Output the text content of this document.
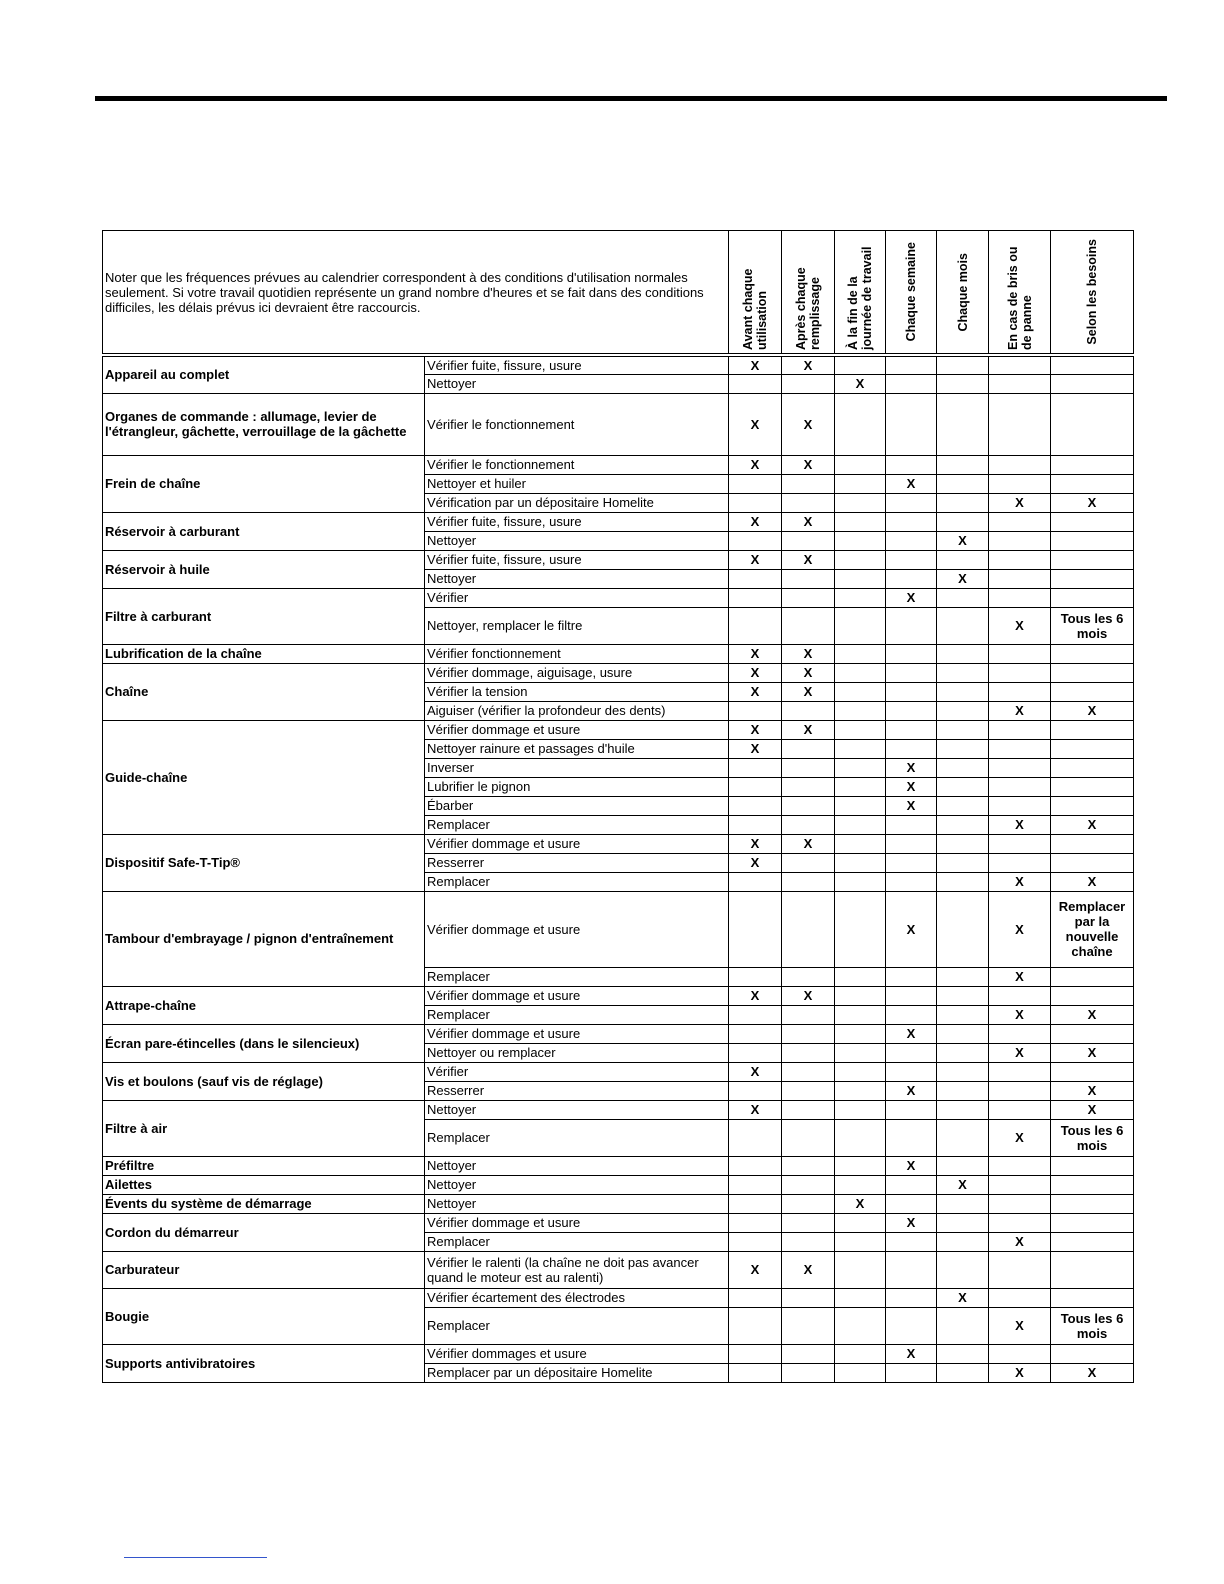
Noter que les fréquences prévues au calendrier correspondent à des conditions d'utilisation normales seulement. Si votre travail quotidien représente un grand nombre d'heures et se fait dans des conditions difficiles, les délais prévus ici devraient être raccourcis.		Avant chaque utilisation	Après chaque remplissage	À la fin de la journée de travail	Chaque semaine	Chaque mois	En cas de bris ou de panne	Selon les besoins

Appareil au complet	Vérifier fuite, fissure, usure	X	X					
	Nettoyer			X				
Organes de commande : allumage, levier de l'étrangleur, gâchette, verrouillage de la gâchette	Vérifier le fonctionnement	X	X					
Frein de chaîne	Vérifier le fonctionnement	X	X					
	Nettoyer et huiler				X			
	Vérification par un dépositaire Homelite						X	X
Réservoir à carburant	Vérifier fuite, fissure, usure	X	X					
	Nettoyer					X		
Réservoir à huile	Vérifier fuite, fissure, usure	X	X					
	Nettoyer					X		
Filtre à carburant	Vérifier				X			
	Nettoyer, remplacer le filtre						X	Tous les 6 mois
Lubrification de la chaîne	Vérifier fonctionnement	X	X					
Chaîne	Vérifier dommage, aiguisage, usure	X	X					
	Vérifier la tension	X	X					
	Aiguiser (vérifier la profondeur des dents)						X	X
Guide-chaîne	Vérifier dommage et usure	X	X					
	Nettoyer rainure et passages d'huile	X						
	Inverser				X			
	Lubrifier le pignon				X			
	Ébarber				X			
	Remplacer						X	X
Dispositif Safe-T-Tip®	Vérifier dommage et usure	X	X					
	Resserrer	X						
	Remplacer						X	X
Tambour d'embrayage / pignon d'entraînement	Vérifier dommage et usure				X		X	Remplacer par la nouvelle chaîne
	Remplacer						X	
Attrape-chaîne	Vérifier dommage et usure	X	X					
	Remplacer						X	X
Écran pare-étincelles (dans le silencieux)	Vérifier dommage et usure				X			
	Nettoyer ou remplacer						X	X
Vis et boulons (sauf vis de réglage)	Vérifier	X						
	Resserrer				X			X
Filtre à air	Nettoyer	X						X
	Remplacer						X	Tous les 6 mois
Préfiltre	Nettoyer				X			
Ailettes	Nettoyer					X		
Évents du système de démarrage	Nettoyer			X				
Cordon du démarreur	Vérifier dommage et usure				X			
	Remplacer						X	
Carburateur	Vérifier le ralenti (la chaîne ne doit pas avancer quand le moteur est au ralenti)	X	X					
Bougie	Vérifier écartement des électrodes					X		
	Remplacer						X	Tous les 6 mois
Supports antivibratoires	Vérifier dommages et usure				X			
	Remplacer par un dépositaire Homelite						X	X
